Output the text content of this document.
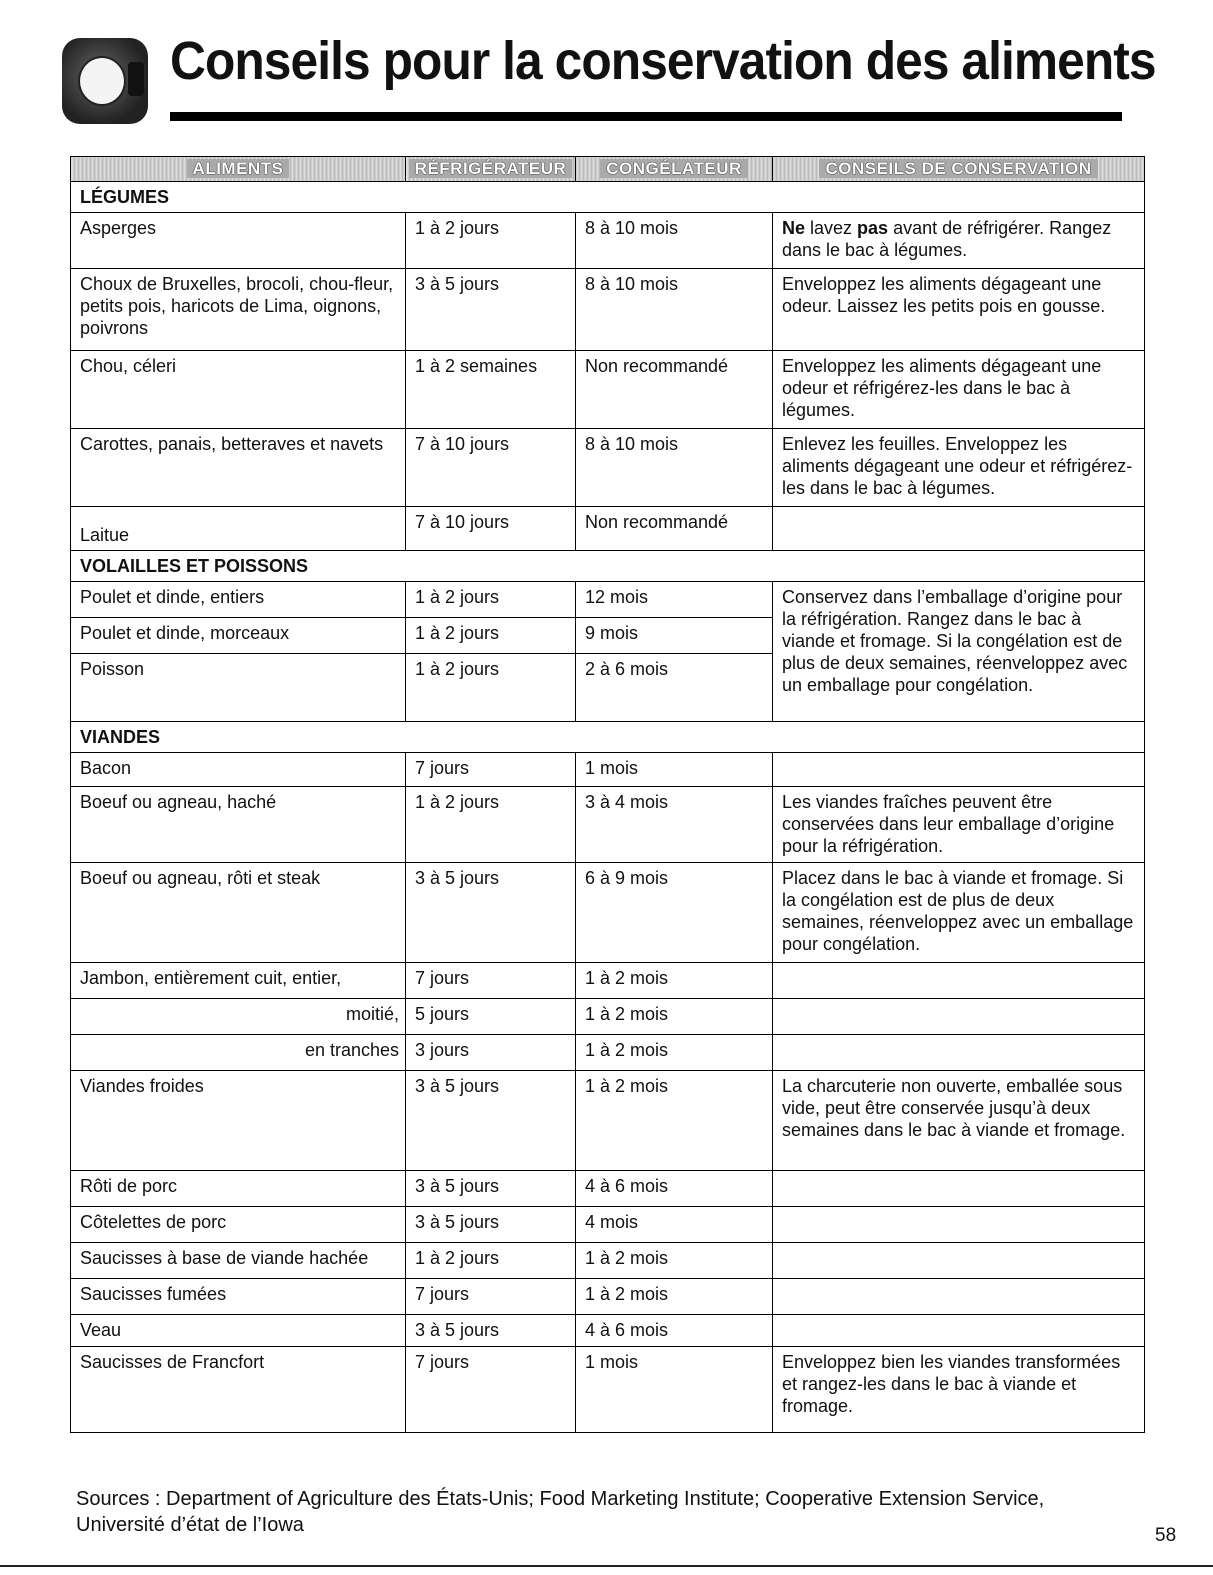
Conseils pour la conservation des aliments
ALIMENTS	RÉFRIGÉRATEUR	CONGÉLATEUR	CONSEILS DE CONSERVATION
LÉGUMES			
Asperges	1 à 2 jours	8 à 10 mois	Ne lavez pas avant de réfrigérer. Rangez dans le bac à légumes.
Choux de Bruxelles, brocoli, chou-fleur, petits pois, haricots de Lima, oignons, poivrons	3 à 5 jours	8 à 10 mois	Enveloppez les aliments dégageant une odeur. Laissez les petits pois en gousse.
Chou, céleri	1 à 2 semaines	Non recommandé	Enveloppez les aliments dégageant une odeur et réfrigérez-les dans le bac à légumes.
Carottes, panais, betteraves et navets	7 à 10 jours	8 à 10 mois	Enlevez les feuilles. Enveloppez les aliments dégageant une odeur et réfrigérez-les dans le bac à légumes.
Laitue	7 à 10 jours	Non recommandé	
VOLAILLES ET POISSONS			
Poulet et dinde, entiers	1 à 2 jours	12 mois	Conservez dans l’emballage d’origine pour la réfrigération. Rangez dans le bac à viande et fromage. Si la congélation est de plus de deux semaines, réenveloppez avec un emballage pour congélation.
Poulet et dinde, morceaux	1 à 2 jours	9 mois	
Poisson	1 à 2 jours	2 à 6 mois	
VIANDES			
Bacon	7 jours	1 mois	
Boeuf ou agneau, haché	1 à 2 jours	3 à 4 mois	Les viandes fraîches peuvent être conservées dans leur emballage d’origine pour la réfrigération.
Boeuf ou agneau, rôti et steak	3 à 5 jours	6 à 9 mois	Placez dans le bac à viande et fromage. Si la congélation est de plus de deux semaines, réenveloppez avec un emballage pour congélation.
Jambon, entièrement cuit, entier,	7 jours	1 à 2 mois	
moitié,	5 jours	1 à 2 mois	
en tranches	3 jours	1 à 2 mois	
Viandes froides	3 à 5 jours	1 à 2 mois	La charcuterie non ouverte, emballée sous vide, peut être conservée jusqu’à deux semaines dans le bac à viande et fromage.
Rôti de porc	3 à 5 jours	4 à 6 mois	
Côtelettes de porc	3 à 5 jours	4 mois	
Saucisses à base de viande hachée	1 à 2 jours	1 à 2 mois	
Saucisses fumées	7 jours	1 à 2 mois	
Veau	3 à 5 jours	4 à 6 mois	
Saucisses de Francfort	7 jours	1 mois	Enveloppez bien les viandes transformées et rangez-les dans le bac à viande et fromage.
Sources : Department of Agriculture des États-Unis; Food Marketing Institute; Cooperative Extension Service, Université d’état de l’Iowa	58
